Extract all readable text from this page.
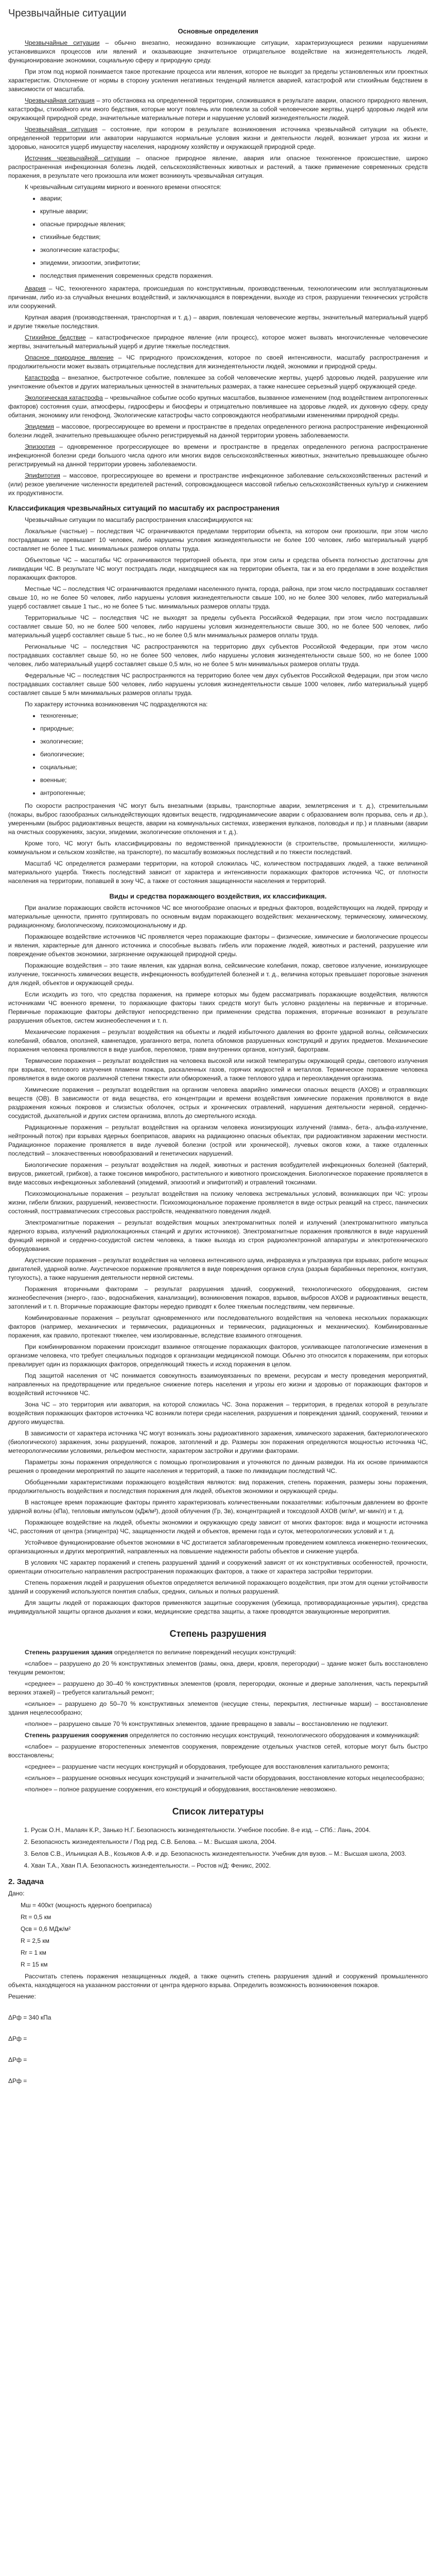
Чрезвычайные ситуации
Основные определения

Чрезвычайные ситуации – обычно внезапно, неожиданно возникающие ситуации, характеризующиеся резкими нарушениями установившихся процессов или явлений и оказывающие значительное отрицательное воздействие на жизнедеятельность людей, функционирование экономики, социальную сферу и природную среду.

При этом под нормой понимается такое протекание процесса или явления, которое не выходит за пределы установленных или проектных характеристик. Отклонение от нормы в сторону усиления негативных тенденций является аварией, катастрофой или стихийным бедствием в зависимости от масштаба.

Чрезвычайная ситуация – это обстановка на определенной территории, сложившаяся в результате аварии, опасного природного явления, катастрофы, стихийного или иного бедствия, которые могут повлечь или повлекли за собой человеческие жертвы, ущерб здоровью людей или окружающей природной среде, значительные материальные потери и нарушение условий жизнедеятельности людей.

Чрезвычайная ситуация – состояние, при котором в результате возникновения источника чрезвычайной ситуации на объекте, определенной территории или акватории нарушаются нормальные условия жизни и деятельности людей, возникает угроза их жизни и здоровью, наносится ущерб имуществу населения, народному хозяйству и окружающей природной среде.

Источник чрезвычайной ситуации – опасное природное явление, авария или опасное техногенное происшествие, широко распространенная инфекционная болезнь людей, сельскохозяйственных животных и растений, а также применение современных средств поражения, в результате чего произошла или может возникнуть чрезвычайная ситуация.

К чрезвычайным ситуациям мирного и военного времени относятся:

• аварии;
• крупные аварии;
• опасные природные явления;
• стихийные бедствия;
• экологические катастрофы;
• эпидемии, эпизоотии, эпифитотии;
• последствия применения современных средств поражения.

Авария – ЧС, техногенного характера, происшедшая по конструктивным, производственным, технологическим или эксплуатационным причинам, либо из-за случайных внешних воздействий, и заключающаяся в повреждении, выходе из строя, разрушении технических устройств или сооружений.

Крупная авария (производственная, транспортная и т. д.) – авария, повлекшая человеческие жертвы, значительный материальный ущерб и другие тяжелые последствия.

Стихийное бедствие – катастрофическое природное явление (или процесс), которое может вызвать многочисленные человеческие жертвы, значительный материальный ущерб и другие тяжелые последствия.

Опасное природное явление – ЧС природного происхождения, которое по своей интенсивности, масштабу распространения и продолжительности может вызвать отрицательные последствия для жизнедеятельности людей, экономики и природной среды.

Катастрофа – внезапное, быстротечное событие, повлекшее за собой человеческие жертвы, ущерб здоровью людей, разрушение или уничтожение объектов и других материальных ценностей в значительных размерах, а также нанесшее серьезный ущерб окружающей среде.

Экологическая катастрофа – чрезвычайное событие особо крупных масштабов, вызванное изменением (под воздействием антропогенных факторов) состояния суши, атмосферы, гидросферы и биосферы и отрицательно повлиявшее на здоровье людей, их духовную сферу, среду обитания, экономику или генофонд. Экологические катастрофы часто сопровождаются необратимыми изменениями природной среды.

Эпидемия – массовое, прогрессирующее во времени и пространстве в пределах определенного региона распространение инфекционной болезни людей, значительно превышающее обычно регистрируемый на данной территории уровень заболеваемости.

Эпизоотия – одновременное прогрессирующее во времени и пространстве в пределах определенного региона распространение инфекционной болезни среди большого числа одного или многих видов сельскохозяйственных животных, значительно превышающее обычно регистрируемый на данной территории уровень заболеваемости.

Эпифитотия – массовое, прогрессирующее во времени и пространстве инфекционное заболевание сельскохозяйственных растений и (или) резкое увеличение численности вредителей растений, сопровождающееся массовой гибелью сельскохозяйственных культур и снижением их продуктивности.

Классификация чрезвычайных ситуаций по масштабу их распространения

Чрезвычайные ситуации по масштабу распространения классифицируются на:

Локальные (частные) – последствия ЧС ограничиваются пределами территории объекта, на котором они произошли, при этом число пострадавших не превышает 10 человек, либо нарушены условия жизнедеятельности не более 100 человек, либо материальный ущерб составляет не более 1 тыс. минимальных размеров оплаты труда.

Объектовые ЧС – масштабы ЧС ограничиваются территорией объекта, при этом силы и средства объекта полностью достаточны для ликвидации ЧС. В результате ЧС могут пострадать люди, находящиеся как на территории объекта, так и за его пределами в зоне воздействия поражающих факторов.

Местные ЧС – последствия ЧС ограничиваются пределами населенного пункта, города, района, при этом число пострадавших составляет свыше 10, но не более 50 человек, либо нарушены условия жизнедеятельности свыше 100, но не более 300 человек, либо материальный ущерб составляет свыше 1 тыс., но не более 5 тыс. минимальных размеров оплаты труда.

Территориальные ЧС – последствия ЧС не выходят за пределы субъекта Российской Федерации, при этом число пострадавших составляет свыше 50, но не более 500 человек, либо нарушены условия жизнедеятельности свыше 300, но не более 500 человек, либо материальный ущерб составляет свыше 5 тыс., но не более 0,5 млн минимальных размеров оплаты труда.

Региональные ЧС – последствия ЧС распространяются на территорию двух субъектов Российской Федерации, при этом число пострадавших составляет свыше 50, но не более 500 человек, либо нарушены условия жизнедеятельности свыше 500, но не более 1000 человек, либо материальный ущерб составляет свыше 0,5 млн, но не более 5 млн минимальных размеров оплаты труда.

Федеральные ЧС – последствия ЧС распространяются на территорию более чем двух субъектов Российской Федерации, при этом число пострадавших составляет свыше 500 человек, либо нарушены условия жизнедеятельности свыше 1000 человек, либо материальный ущерб составляет свыше 5 млн минимальных размеров оплаты труда.

По характеру источника возникновения ЧС подразделяются на:

• техногенные;
• природные;
• экологические;
• биологические;
• социальные;
• военные;
• антропогенные;

По скорости распространения ЧС могут быть внезапными (взрывы, транспортные аварии, землетрясения и т. д.), стремительными (пожары, выброс газообразных сильнодействующих ядовитых веществ, гидродинамические аварии с образованием волн прорыва, сель и др.), умеренными (выброс радиоактивных веществ, аварии на коммунальных системах, извержения вулканов, половодья и пр.) и плавными (аварии на очистных сооружениях, засухи, эпидемии, экологические отклонения и т. д.).

Кроме того, ЧС могут быть классифицированы по ведомственной принадлежности (в строительстве, промышленности, жилищно-коммунальном и сельском хозяйстве, на транспорте), по масштабу возможных последствий и по тяжести последствий.

Масштаб ЧС определяется размерами территории, на которой сложилась ЧС, количеством пострадавших людей, а также величиной материального ущерба. Тяжесть последствий зависит от характера и интенсивности поражающих факторов источника ЧС, от плотности населения на территории, попавшей в зону ЧС, а также от состояния защищенности населения и территорий.

Виды и средства поражающего воздействия, их классификация.

При анализе поражающих свойств источников ЧС все многообразие опасных и вредных факторов, воздействующих на людей, природу и материальные ценности, принято группировать по основным видам поражающего воздействия: механическому, термическому, химическому, радиационному, биологическому, психоэмоциональному и др.

Поражающее воздействие источников ЧС проявляется через поражающие факторы – физические, химические и биологические процессы и явления, характерные для данного источника и способные вызвать гибель или поражение людей, животных и растений, разрушение или повреждение объектов экономики, загрязнение окружающей природной среды.

Поражающие воздействия – это такие явления, как ударная волна, сейсмические колебания, пожар, световое излучение, ионизирующее излучение, токсичность химических веществ, инфекционность возбудителей болезней и т. д., величина которых превышает пороговые значения для людей, объектов и окружающей среды.

Если исходить из того, что средства поражения, на примере которых мы будем рассматривать поражающие воздействия, являются источниками ЧС военного времени, то поражающие факторы таких средств могут быть условно разделены на первичные и вторичные. Первичные поражающие факторы действуют непосредственно при применении средства поражения, вторичные возникают в результате разрушения объектов, систем жизнеобеспечения и т. п.

Механические поражения – результат воздействия на объекты и людей избыточного давления во фронте ударной волны, сейсмических колебаний, обвалов, оползней, камнепадов, ураганного ветра, полета обломков разрушенных конструкций и других предметов. Механические поражения человека проявляются в виде ушибов, переломов, травм внутренних органов, контузий, баротравм.

Термические поражения – результат воздействия на человека высокой или низкой температуры окружающей среды, светового излучения при взрывах, теплового излучения пламени пожара, раскаленных газов, горячих жидкостей и металлов. Термическое поражение человека проявляется в виде ожогов различной степени тяжести или обморожений, а также теплового удара и переохлаждения организма.

Химические поражения – результат воздействия на организм человека аварийно химически опасных веществ (АХОВ) и отравляющих веществ (ОВ). В зависимости от вида вещества, его концентрации и времени воздействия химические поражения проявляются в виде раздражения кожных покровов и слизистых оболочек, острых и хронических отравлений, нарушения деятельности нервной, сердечно-сосудистой, дыхательной и других систем организма, вплоть до смертельного исхода.

Радиационные поражения – результат воздействия на организм человека ионизирующих излучений (гамма-, бета-, альфа-излучение, нейтронный поток) при взрывах ядерных боеприпасов, авариях на радиационно опасных объектах, при радиоактивном заражении местности. Радиационное поражение проявляется в виде лучевой болезни (острой или хронической), лучевых ожогов кожи, а также отдаленных последствий – злокачественных новообразований и генетических нарушений.

Биологические поражения – результат воздействия на людей, животных и растения возбудителей инфекционных болезней (бактерий, вирусов, риккетсий, грибков), а также токсинов микробного, растительного и животного происхождения. Биологическое поражение проявляется в виде массовых инфекционных заболеваний (эпидемий, эпизоотий и эпифитотий) и отравлений токсинами.

Психоэмоциональные поражения – результат воздействия на психику человека экстремальных условий, возникающих при ЧС: угрозы жизни, гибели близких, разрушений, неизвестности. Психоэмоциональное поражение проявляется в виде острых реакций на стресс, панических состояний, посттравматических стрессовых расстройств, неадекватного поведения людей.

Электромагнитные поражения – результат воздействия мощных электромагнитных полей и излучений (электромагнитного импульса ядерного взрыва, излучений радиолокационных станций и других источников). Электромагнитные поражения проявляются в виде нарушений функций нервной и сердечно-сосудистой систем человека, а также выхода из строя радиоэлектронной аппаратуры и электротехнического оборудования.

Акустические поражения – результат воздействия на человека интенсивного шума, инфразвука и ультразвука при взрывах, работе мощных двигателей, ударной волне. Акустическое поражение проявляется в виде повреждения органов слуха (разрыв барабанных перепонок, контузия, тугоухость), а также нарушения деятельности нервной системы.

Поражения вторичными факторами – результат разрушения зданий, сооружений, технологического оборудования, систем жизнеобеспечения (энерго-, газо-, водоснабжения, канализации), возникновения пожаров, взрывов, выбросов АХОВ и радиоактивных веществ, затоплений и т. п. Вторичные поражающие факторы нередко приводят к более тяжелым последствиям, чем первичные.

Комбинированные поражения – результат одновременного или последовательного воздействия на человека нескольких поражающих факторов (например, механических и термических, радиационных и термических, радиационных и механических). Комбинированные поражения, как правило, протекают тяжелее, чем изолированные, вследствие взаимного отягощения.

При комбинированном поражении происходит взаимное отягощение поражающих факторов, усиливающее патологические изменения в организме человека, что требует специальных подходов к организации медицинской помощи. Обычно это относится к поражениям, при которых превалирует один из поражающих факторов, определяющий тяжесть и исход поражения в целом.

Под защитой населения от ЧС понимается совокупность взаимоувязанных по времени, ресурсам и месту проведения мероприятий, направленных на предотвращение или предельное снижение потерь населения и угрозы его жизни и здоровью от поражающих факторов и воздействий источников ЧС.

Зона ЧС – это территория или акватория, на которой сложилась ЧС. Зона поражения – территория, в пределах которой в результате воздействия поражающих факторов источника ЧС возникли потери среди населения, разрушения и повреждения зданий, сооружений, техники и другого имущества.

В зависимости от характера источника ЧС могут возникать зоны радиоактивного заражения, химического заражения, бактериологического (биологического) заражения, зоны разрушений, пожаров, затоплений и др. Размеры зон поражения определяются мощностью источника ЧС, метеорологическими условиями, рельефом местности, характером застройки и другими факторами.

Параметры зоны поражения определяются с помощью прогнозирования и уточняются по данным разведки. На их основе принимаются решения о проведении мероприятий по защите населения и территорий, а также по ликвидации последствий ЧС.

Обобщенными характеристиками поражающего воздействия являются: вид поражения, степень поражения, размеры зоны поражения, продолжительность воздействия и последствия поражения для людей, объектов экономики и окружающей среды.

В настоящее время поражающие факторы принято характеризовать количественными показателями: избыточным давлением во фронте ударной волны (кПа), тепловым импульсом (кДж/м²), дозой облучения (Гр, Зв), концентрацией и токсодозой АХОВ (мг/м³, мг·мин/л) и т. д.

Поражающее воздействие на людей, объекты экономики и окружающую среду зависит от многих факторов: вида и мощности источника ЧС, расстояния от центра (эпицентра) ЧС, защищенности людей и объектов, времени года и суток, метеорологических условий и т. д.

Устойчивое функционирование объектов экономики в ЧС достигается заблаговременным проведением комплекса инженерно-технических, организационных и других мероприятий, направленных на повышение надежности работы объектов и снижение ущерба.

В условиях ЧС характер поражений и степень разрушений зданий и сооружений зависят от их конструктивных особенностей, прочности, ориентации относительно направления распространения поражающих факторов, а также от характера застройки территории.

Степень поражения людей и разрушения объектов определяется величиной поражающего воздействия, при этом для оценки устойчивости зданий и сооружений используются понятия слабых, средних, сильных и полных разрушений.

Для защиты людей от поражающих факторов применяются защитные сооружения (убежища, противорадиационные укрытия), средства индивидуальной защиты органов дыхания и кожи, медицинские средства защиты, а также проводятся эвакуационные мероприятия.

Степень разрушения

Степень разрушения здания определяется по величине повреждений несущих конструкций:

«слабое» – разрушено до 20 % конструктивных элементов (рамы, окна, двери, кровля, перегородки) – здание может быть восстановлено текущим ремонтом;

«среднее» – разрушено до 30–40 % конструктивных элементов (кровля, перегородки, оконные и дверные заполнения, часть перекрытий верхних этажей) – требуется капитальный ремонт;

«сильное» – разрушено до 50–70 % конструктивных элементов (несущие стены, перекрытия, лестничные марши) – восстановление здания нецелесообразно;

«полное» – разрушено свыше 70 % конструктивных элементов, здание превращено в завалы – восстановлению не подлежит.

Степень разрушения сооружения определяется по состоянию несущих конструкций, технологического оборудования и коммуникаций:

«слабое» – разрушение второстепенных элементов сооружения, повреждение отдельных участков сетей, которые могут быть быстро восстановлены;

«среднее» – разрушение части несущих конструкций и оборудования, требующее для восстановления капитального ремонта;

«сильное» – разрушение основных несущих конструкций и значительной части оборудования, восстановление которых нецелесообразно;

«полное» – полное разрушение сооружения, его конструкций и оборудования, восстановление невозможно.

Список литературы
1. Русак О.Н., Малаян К.Р., Занько Н.Г. Безопасность жизнедеятельности. Учебное пособие. 8-е изд. – СПб.: Лань, 2004.
2. Безопасность жизнедеятельности / Под ред. С.В. Белова. – М.: Высшая школа, 2004.
3. Белов С.В., Ильницкая А.В., Козьяков А.Ф. и др. Безопасность жизнедеятельности. Учебник для вузов. – М.: Высшая школа, 2003.
4. Хван Т.А., Хван П.А. Безопасность жизнедеятельности. – Ростов н/Д: Феникс, 2002.
2. Задача
Дано:
Мш = 400кт (мощность ядерного боеприпаса)
Rt = 0,5 км
Qсв = 0,6 МДж/м²
R = 2,5 км
Rr = 1 км
R = 15 км

Рассчитать степень поражения незащищенных людей, а также оценить степень разрушения зданий и сооружений промышленного объекта, находящегося на указанном расстоянии от центра ядерного взрыва. Определить возможность возникновения пожаров.

Решение:
ΔРф = 340 кПа
ΔРф =
ΔРф =
ΔРф =
